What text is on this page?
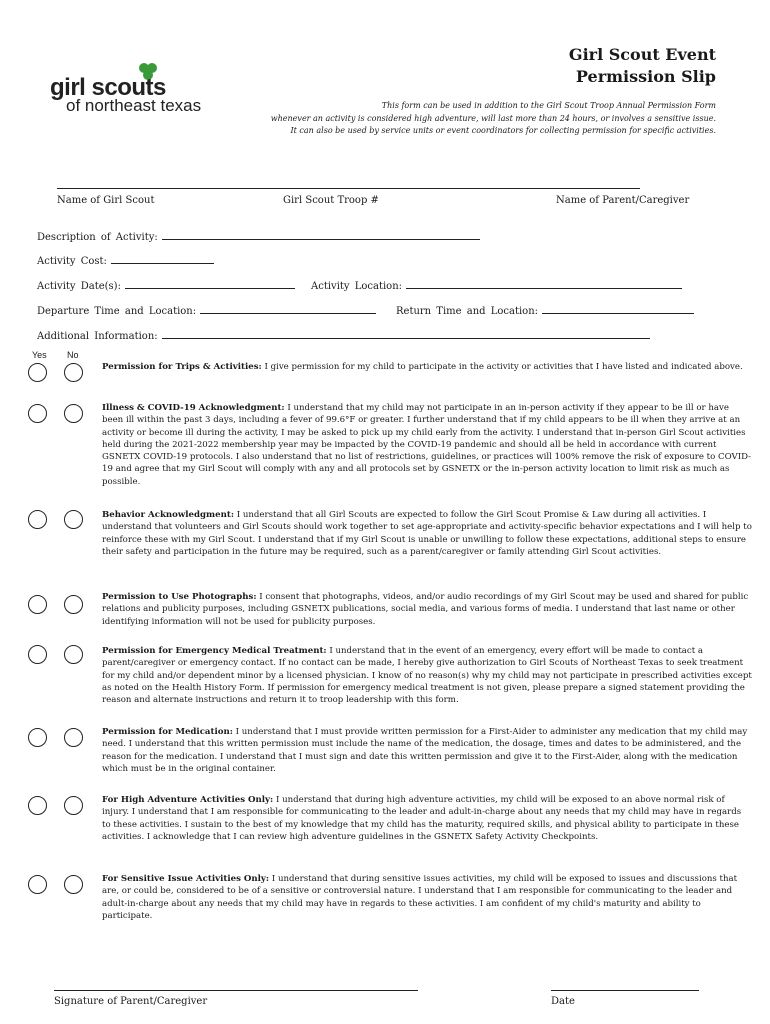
girl scouts
of northeast texas
Girl Scout Event
Permission Slip
This form can be used in addition to the Girl Scout Troop Annual Permission Form
whenever an activity is considered high adventure, will last more than 24 hours, or involves a sensitive issue.
It can also be used by service units or event coordinators for collecting permission for specific activities.
Name of Girl Scout	Girl Scout Troop #	Name of Parent/Caregiver
Description of Activity:
Activity Cost:
Activity Date(s):	Activity Location:
Departure Time and Location:	Return Time and Location:
Additional Information:
Yes No
Permission for Trips & Activities: I give permission for my child to participate in the activity or activities that I have listed and indicated above.
Illness & COVID-19 Acknowledgment: I understand that my child may not participate in an in-person activity if they appear to be ill or have been ill within the past 3 days, including a fever of 99.6°F or greater. I further understand that if my child appears to be ill when they arrive at an activity or become ill during the activity, I may be asked to pick up my child early from the activity. I understand that in-person Girl Scout activities held during the 2021-2022 membership year may be impacted by the COVID-19 pandemic and should all be held in accordance with current GSNETX COVID-19 protocols. I also understand that no list of restrictions, guidelines, or practices will 100% remove the risk of exposure to COVID-19 and agree that my Girl Scout will comply with any and all protocols set by GSNETX or the in-person activity location to limit risk as much as possible.
Behavior Acknowledgment: I understand that all Girl Scouts are expected to follow the Girl Scout Promise & Law during all activities. I understand that volunteers and Girl Scouts should work together to set age-appropriate and activity-specific behavior expectations and I will help to reinforce these with my Girl Scout. I understand that if my Girl Scout is unable or unwilling to follow these expectations, additional steps to ensure their safety and participation in the future may be required, such as a parent/caregiver or family attending Girl Scout activities.
Permission to Use Photographs: I consent that photographs, videos, and/or audio recordings of my Girl Scout may be used and shared for public relations and publicity purposes, including GSNETX publications, social media, and various forms of media. I understand that last name or other identifying information will not be used for publicity purposes.
Permission for Emergency Medical Treatment: I understand that in the event of an emergency, every effort will be made to contact a parent/caregiver or emergency contact. If no contact can be made, I hereby give authorization to Girl Scouts of Northeast Texas to seek treatment for my child and/or dependent minor by a licensed physician. I know of no reason(s) why my child may not participate in prescribed activities except as noted on the Health History Form. If permission for emergency medical treatment is not given, please prepare a signed statement providing the reason and alternate instructions and return it to troop leadership with this form.
Permission for Medication: I understand that I must provide written permission for a First-Aider to administer any medication that my child may need. I understand that this written permission must include the name of the medication, the dosage, times and dates to be administered, and the reason for the medication. I understand that I must sign and date this written permission and give it to the First-Aider, along with the medication which must be in the original container.
For High Adventure Activities Only: I understand that during high adventure activities, my child will be exposed to an above normal risk of injury. I understand that I am responsible for communicating to the leader and adult-in-charge about any needs that my child may have in regards to these activities. I sustain to the best of my knowledge that my child has the maturity, required skills, and physical ability to participate in these activities. I acknowledge that I can review high adventure guidelines in the GSNETX Safety Activity Checkpoints.
For Sensitive Issue Activities Only: I understand that during sensitive issues activities, my child will be exposed to issues and discussions that are, or could be, considered to be of a sensitive or controversial nature. I understand that I am responsible for communicating to the leader and adult-in-charge about any needs that my child may have in regards to these activities. I am confident of my child's maturity and ability to participate.
Signature of Parent/Caregiver	Date
